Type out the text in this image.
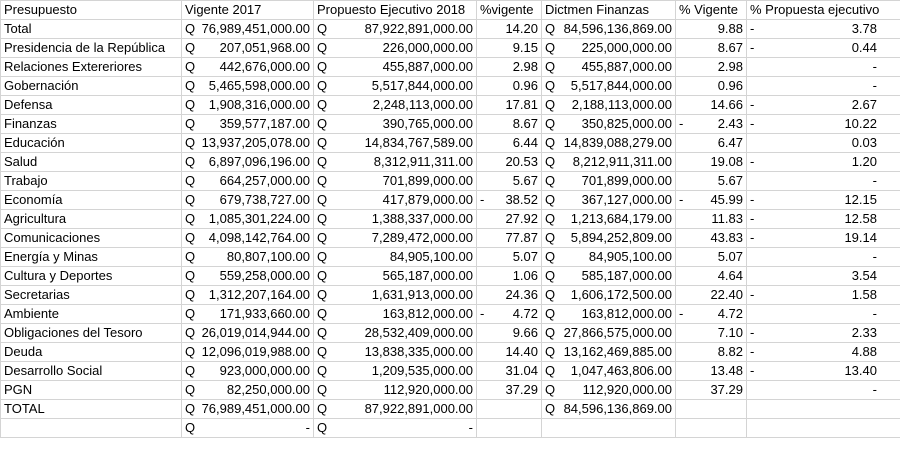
Presupuesto	Vigente 2017	Propuesto Ejecutivo 2018	%vigente	Dictmen Finanzas	% Vigente	% Propuesta ejecutivo
Total	Q 76,989,451,000.00	Q 87,922,891,000.00	14.20	Q 84,596,136,869.00	9.88	- 3.78

Presidencia de la República	Q 207,051,968.00	Q 226,000,000.00	9.15	Q 225,000,000.00	8.67	- 0.44

Relaciones Extereriores	Q 442,676,000.00	Q 455,887,000.00	2.98	Q 455,887,000.00	2.98	-

Gobernación	Q 5,465,598,000.00	Q 5,517,844,000.00	0.96	Q 5,517,844,000.00	0.96	-

Defensa	Q 1,908,316,000.00	Q 2,248,113,000.00	17.81	Q 2,188,113,000.00	14.66	- 2.67

Finanzas	Q 359,577,187.00	Q 390,765,000.00	8.67	Q 350,825,000.00	- 2.43	- 10.22

Educación	Q 13,937,205,078.00	Q 14,834,767,589.00	6.44	Q 14,839,088,279.00	6.47	0.03

Salud	Q 6,897,096,196.00	Q 8,312,911,311.00	20.53	Q 8,212,911,311.00	19.08	- 1.20

Trabajo	Q 664,257,000.00	Q 701,899,000.00	5.67	Q 701,899,000.00	5.67	-

Economía	Q 679,738,727.00	Q 417,879,000.00	- 38.52	Q 367,127,000.00	- 45.99	- 12.15

Agricultura	Q 1,085,301,224.00	Q 1,388,337,000.00	27.92	Q 1,213,684,179.00	11.83	- 12.58

Comunicaciones	Q 4,098,142,764.00	Q 7,289,472,000.00	77.87	Q 5,894,252,809.00	43.83	- 19.14

Energía y Minas	Q 80,807,100.00	Q 84,905,100.00	5.07	Q 84,905,100.00	5.07	-

Cultura y Deportes	Q 559,258,000.00	Q 565,187,000.00	1.06	Q 585,187,000.00	4.64	3.54

Secretarias	Q 1,312,207,164.00	Q 1,631,913,000.00	24.36	Q 1,606,172,500.00	22.40	- 1.58

Ambiente	Q 171,933,660.00	Q 163,812,000.00	- 4.72	Q 163,812,000.00	- 4.72	-

Obligaciones del Tesoro	Q 26,019,014,944.00	Q 28,532,409,000.00	9.66	Q 27,866,575,000.00	7.10	- 2.33

Deuda	Q 12,096,019,988.00	Q 13,838,335,000.00	14.40	Q 13,162,469,885.00	8.82	- 4.88

Desarrollo Social	Q 923,000,000.00	Q 1,209,535,000.00	31.04	Q 1,047,463,806.00	13.48	- 13.40

PGN	Q 82,250,000.00	Q 112,920,000.00	37.29	Q 112,920,000.00	37.29	-

TOTAL	Q 76,989,451,000.00	Q 87,922,891,000.00		Q 84,596,136,869.00		

	Q -	Q -				
